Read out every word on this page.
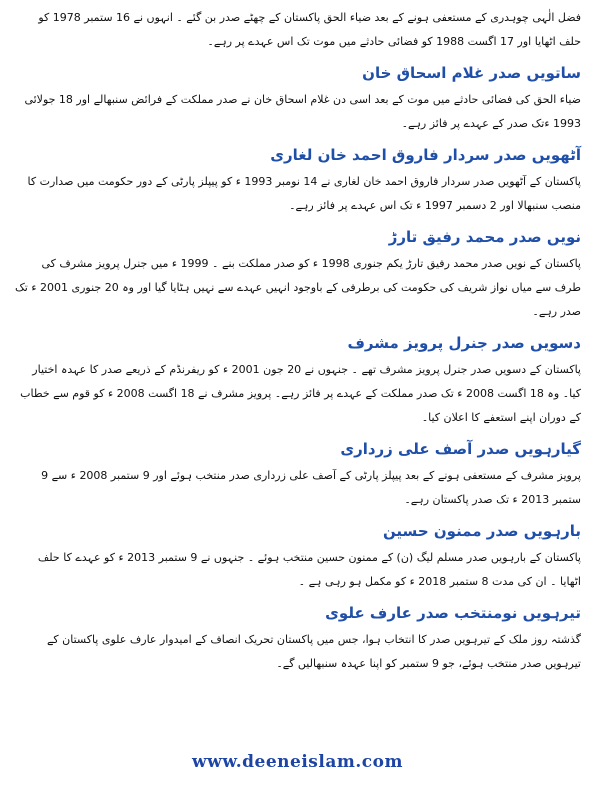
فضل الٰہی چوہدری کے مستعفی ہونے کے بعد ضیاء الحق پاکستان کے چھٹے صدر بن گئے ۔ انہوں نے 16 ستمبر 1978 کو حلف اٹھایا اور 17 اگست 1988 کو فضائی حادثے میں موت تک اس عہدے پر رہے۔

ساتویں صدر غلام اسحاق خان

ضیاء الحق کی فضائی حادثے میں موت کے بعد اسی دن غلام اسحاق خان نے صدر مملکت کے فرائض سنبھالے اور 18 جولائی 1993 ءتک صدر کے عہدے پر فائز رہے۔

آٹھویں صدر سردار فاروق احمد خان لغاری

پاکستان کے آٹھویں صدر سردار فاروق احمد خان لغاری نے 14 نومبر 1993 ء کو پیپلز پارٹی کے دور حکومت میں صدارت کا منصب سنبھالا اور 2 دسمبر 1997 ء تک اس عہدے پر فائز رہے۔

نویں صدر محمد رفیق تارڑ

پاکستان کے نویں صدر محمد رفیق تارڑ یکم جنوری 1998 ء کو صدر مملکت بنے ۔ 1999 ء میں جنرل پرویز مشرف کی طرف سے میاں نواز شریف کی حکومت کی برطرفی کے باوجود انہیں عہدے سے نہیں ہٹایا گیا اور وہ 20 جنوری 2001 ء تک صدر رہے۔

دسویں صدر جنرل پرویز مشرف

پاکستان کے دسویں صدر جنرل پرویز مشرف تھے ۔ جنہوں نے 20 جون 2001 ء کو ریفرنڈم کے ذریعے صدر کا عہدہ اختیار کیا۔ وہ 18 اگست 2008 ء تک صدر مملکت کے عہدے پر فائز رہے۔ پرویز مشرف نے 18 اگست 2008 ء کو قوم سے خطاب کے دوران اپنے استعفے کا اعلان کیا۔

گیارہویں صدر آصف علی زرداری

پرویز مشرف کے مستعفی ہونے کے بعد پیپلز پارٹی کے آصف علی زرداری صدر منتخب ہوئے اور 9 ستمبر 2008 ء سے 9 ستمبر 2013 ء تک صدر پاکستان رہے۔

بارہویں صدر ممنون حسین

پاکستان کے بارہویں صدر مسلم لیگ (ن) کے ممنون حسین منتخب ہوئے ۔ جنہوں نے 9 ستمبر 2013 ء کو عہدے کا حلف اٹھایا ۔ ان کی مدت 8 ستمبر 2018 ء کو مکمل ہو رہی ہے ۔

تیرہویں نومنتخب صدر عارف علوی

گذشتہ روز ملک کے تیرہویں صدر کا انتخاب ہوا، جس میں پاکستان تحریک انصاف کے امیدوار عارف علوی پاکستان کے تیرہویں صدر منتخب ہوئے، جو 9 ستمبر کو اپنا عہدہ سنبھالیں گے۔

www.deeneislam.com
